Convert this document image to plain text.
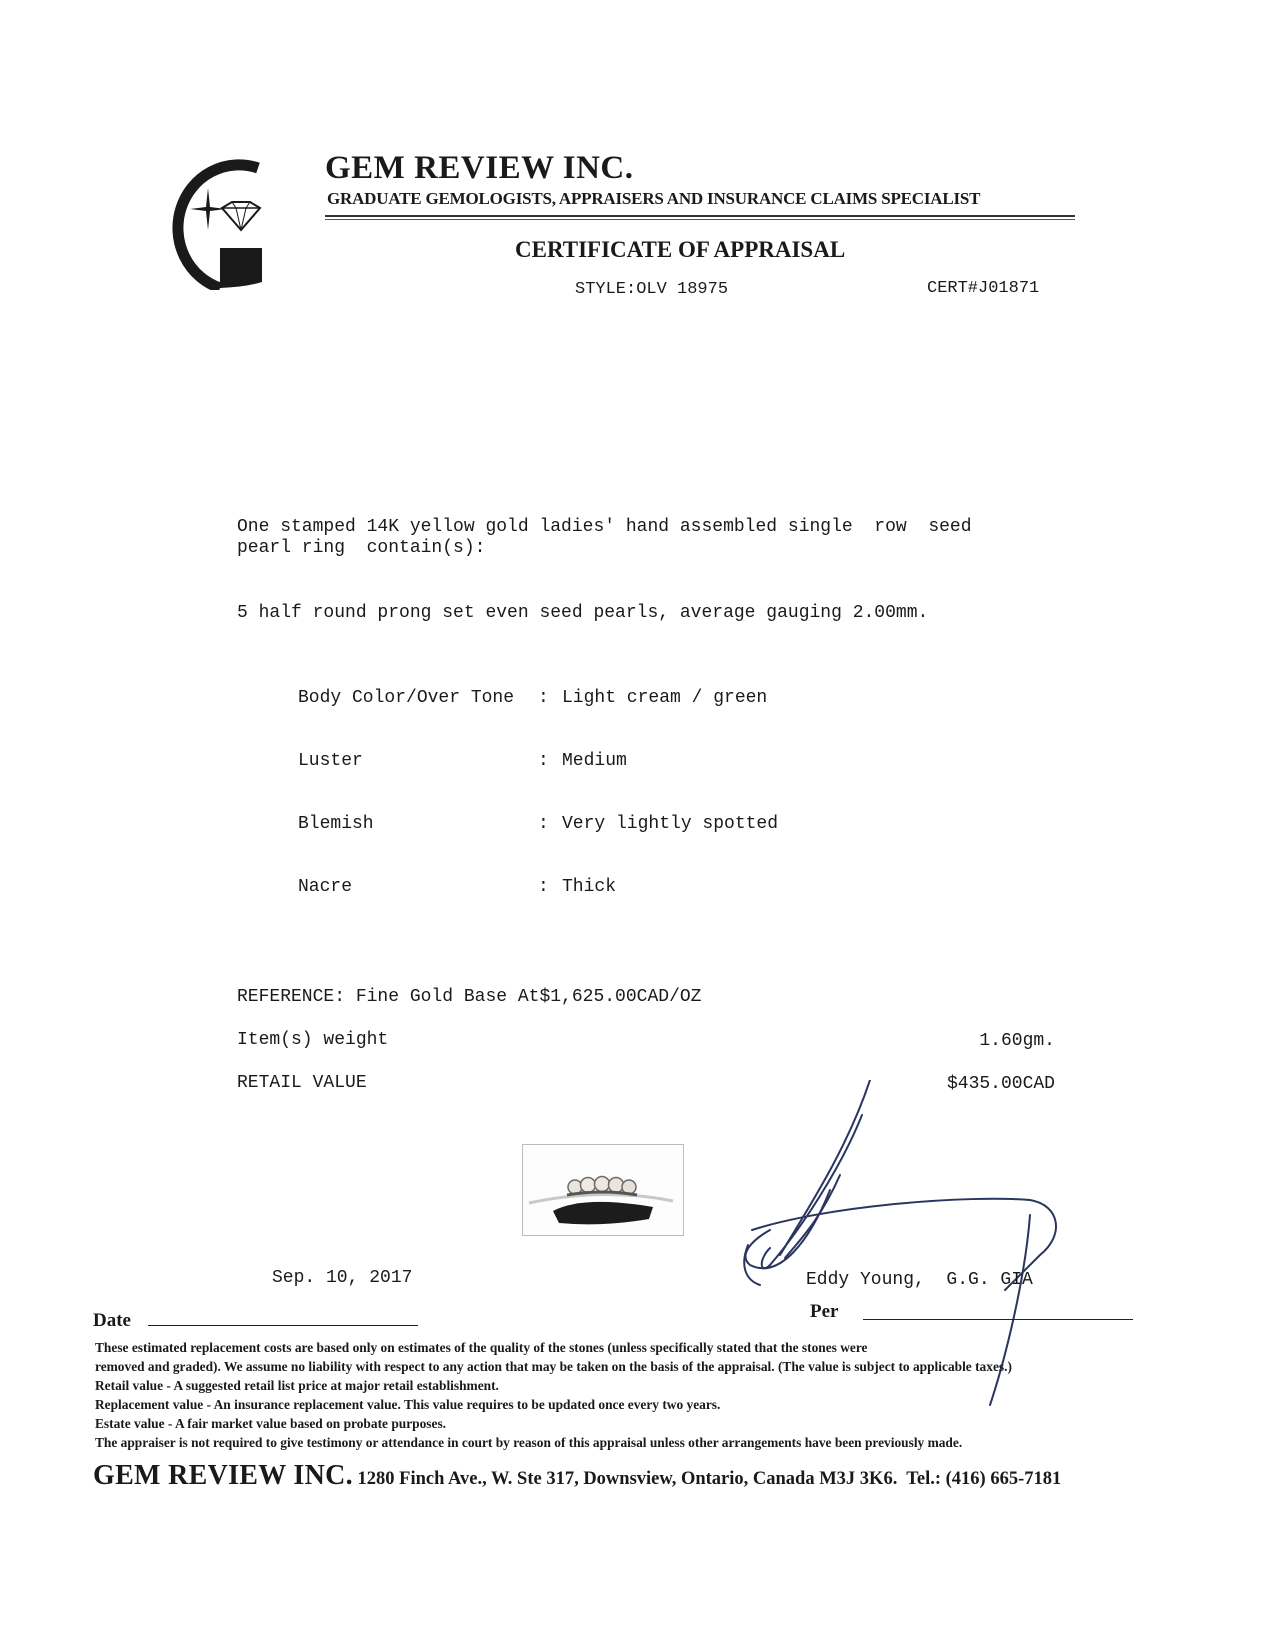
GEM REVIEW INC.
GRADUATE GEMOLOGISTS, APPRAISERS AND INSURANCE CLAIMS SPECIALIST
CERTIFICATE OF APPRAISAL
STYLE:OLV 18975	CERT#J01871
One stamped 14K yellow gold ladies' hand assembled single  row  seed
pearl ring  contain(s):
5 half round prong set even seed pearls, average gauging 2.00mm.

Body Color/Over Tone : Light cream / green

Luster	: Medium

Blemish	: Very lightly spotted

Nacre	: Thick

REFERENCE: Fine Gold Base At$1,625.00CAD/OZ
Item(s) weight	1.60gm.
RETAIL VALUE	$435.00CAD
Sep. 10, 2017	Eddy Young,  G.G. GIA
Date	Per
These estimated replacement costs are based only on estimates of the quality of the stones (unless specifically stated that the stones were
removed and graded). We assume no liability with respect to any action that may be taken on the basis of the appraisal. (The value is subject to applicable taxes.)
Retail value - A suggested retail list price at major retail establishment.
Replacement value - An insurance replacement value. This value requires to be updated once every two years.
Estate value - A fair market value based on probate purposes.
The appraiser is not required to give testimony or attendance in court by reason of this appraisal unless other arrangements have been previously made.
GEM REVIEW INC. 1280 Finch Ave., W. Ste 317, Downsview, Ontario, Canada M3J 3K6.  Tel.: (416) 665-7181
